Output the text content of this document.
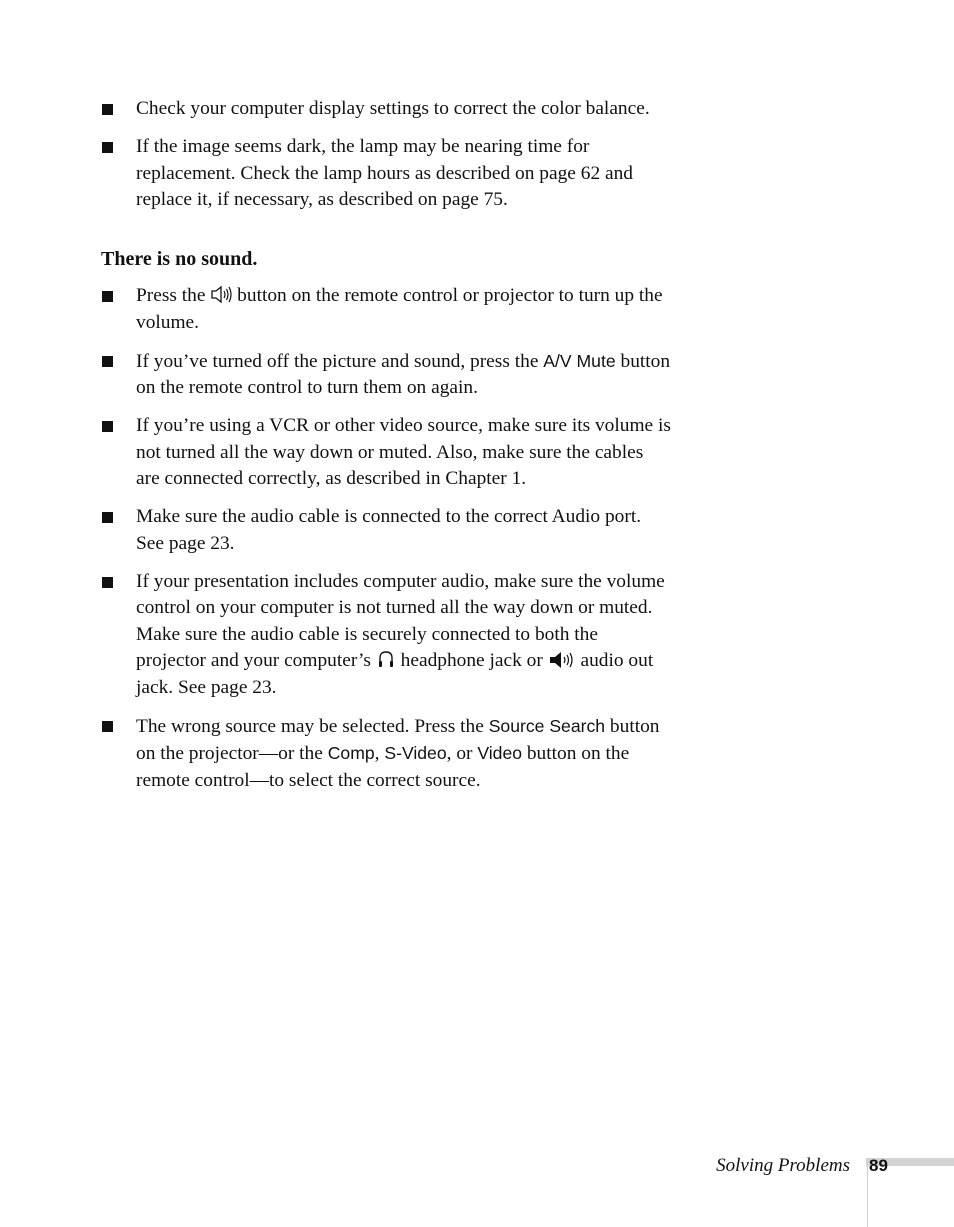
Check your computer display settings to correct the color balance.
If the image seems dark, the lamp may be nearing time for replacement. Check the lamp hours as described on page 62 and replace it, if necessary, as described on page 75.
There is no sound.
Press the
button on the remote control or projector to turn up the volume.
If you’ve turned off the picture and sound, press the A/V Mute button on the remote control to turn them on again.
If you’re using a VCR or other video source, make sure its volume is not turned all the way down or muted. Also, make sure the cables are connected correctly, as described in Chapter 1.
Make sure the audio cable is connected to the correct Audio port. See page 23.
If your presentation includes computer audio, make sure the volume control on your computer is not turned all the way down or muted. Make sure the audio cable is securely connected to both the projector and your computer’s
headphone jack or
audio out jack. See page 23.
The wrong source may be selected. Press the Source Search button on the projector—or the Comp, S-Video, or Video button on the remote control—to select the correct source.
Solving Problems 89
